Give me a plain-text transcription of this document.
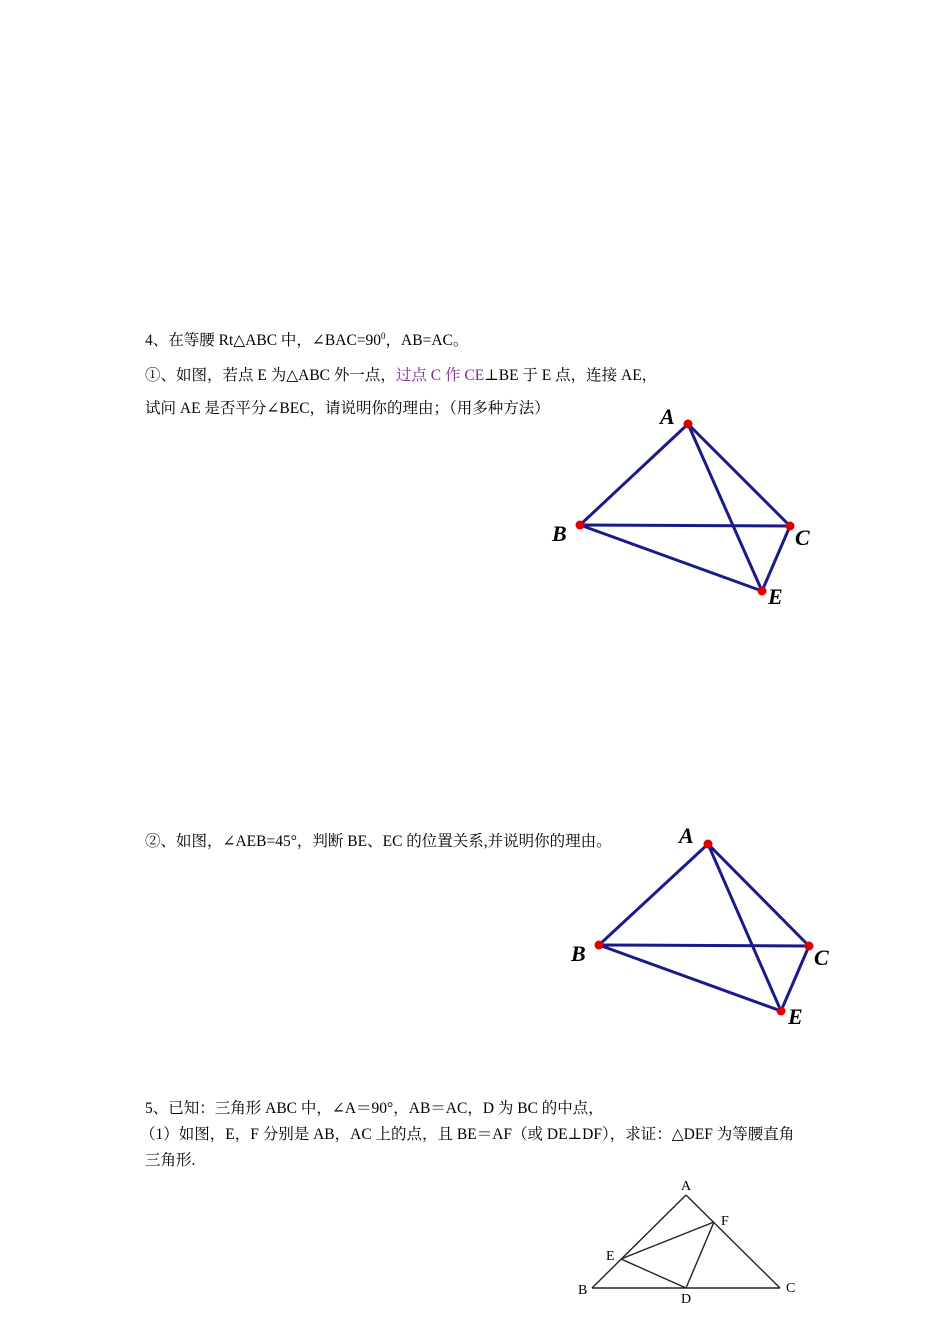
4、在等腰 Rt△ABC 中，$\angle BAC=90^0$，AB=AC。
①、如图，若点 E 为△ABC 外一点，过点 C 作 CE⊥BE 于 E 点，连接 AE，
试问 AE 是否平分∠BEC，请说明你的理由；（用多种方法）	A
B	C
E
②、如图，∠AEB=45°，判断 BE、EC 的位置关系,并说明你的理由。	A
B	C
E
5、已知：三角形 ABC 中，∠A＝90°，AB＝AC，D 为 BC 的中点，
（1）如图，E，F 分别是 AB，AC 上的点，且 BE＝AF（或 DE⊥DF），求证：△DEF 为等腰直角
三角形.
A
B	C
D
E
F
